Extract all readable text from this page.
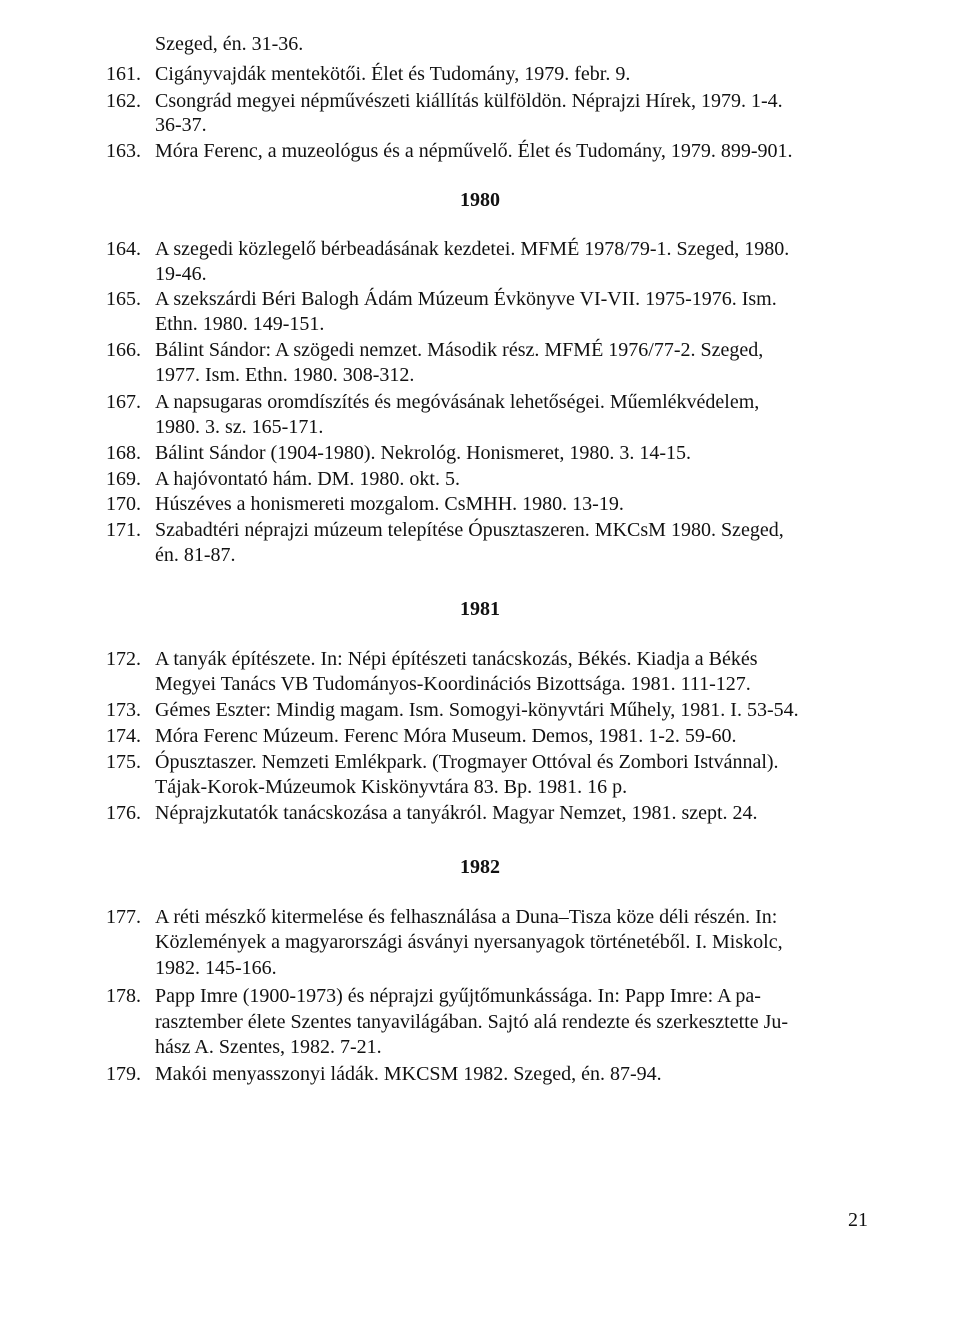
Szeged, én. 31-36.
161. Cigányvajdák mentekötői. Élet és Tudomány, 1979. febr. 9.
162. Csongrád megyei népművészeti kiállítás külföldön. Néprajzi Hírek, 1979. 1-4.
36-37.
163. Móra Ferenc, a muzeológus és a népművelő. Élet és Tudomány, 1979. 899-901.
1980
164. A szegedi közlegelő bérbeadásának kezdetei. MFMÉ 1978/79-1. Szeged, 1980.
19-46.
165. A szekszárdi Béri Balogh Ádám Múzeum Évkönyve VI-VII. 1975-1976. Ism.
Ethn. 1980. 149-151.
166. Bálint Sándor: A szögedi nemzet. Második rész. MFMÉ 1976/77-2. Szeged,
1977. Ism. Ethn. 1980. 308-312.
167. A napsugaras oromdíszítés és megóvásának lehetőségei. Műemlékvédelem,
1980. 3. sz. 165-171.
168. Bálint Sándor (1904-1980). Nekrológ. Honismeret, 1980. 3. 14-15.
169. A hajóvontató hám. DM. 1980. okt. 5.
170. Húszéves a honismereti mozgalom. CsMHH. 1980. 13-19.
171. Szabadtéri néprajzi múzeum telepítése Ópusztaszeren. MKCsM 1980. Szeged,
én. 81-87.
1981
172. A tanyák építészete. In: Népi építészeti tanácskozás, Békés. Kiadja a Békés
Megyei Tanács VB Tudományos-Koordinációs Bizottsága. 1981. 111-127.
173. Gémes Eszter: Mindig magam. Ism. Somogyi-könyvtári Műhely, 1981. I. 53-54.
174. Móra Ferenc Múzeum. Ferenc Móra Museum. Demos, 1981. 1-2. 59-60.
175. Ópusztaszer. Nemzeti Emlékpark. (Trogmayer Ottóval és Zombori Istvánnal).
Tájak-Korok-Múzeumok Kiskönyvtára 83. Bp. 1981. 16 p.
176. Néprajzkutatók tanácskozása a tanyákról. Magyar Nemzet, 1981. szept. 24.
1982
177. A réti mészkő kitermelése és felhasználása a Duna–Tisza köze déli részén. In:
Közlemények a magyarországi ásványi nyersanyagok történetéből. I. Miskolc,
1982. 145-166.
178. Papp Imre (1900-1973) és néprajzi gyűjtőmunkássága. In: Papp Imre: A pa-
rasztember élete Szentes tanyavilágában. Sajtó alá rendezte és szerkesztette Ju-
hász A. Szentes, 1982. 7-21.
179. Makói menyasszonyi ládák. MKCSM 1982. Szeged, én. 87-94.
21
